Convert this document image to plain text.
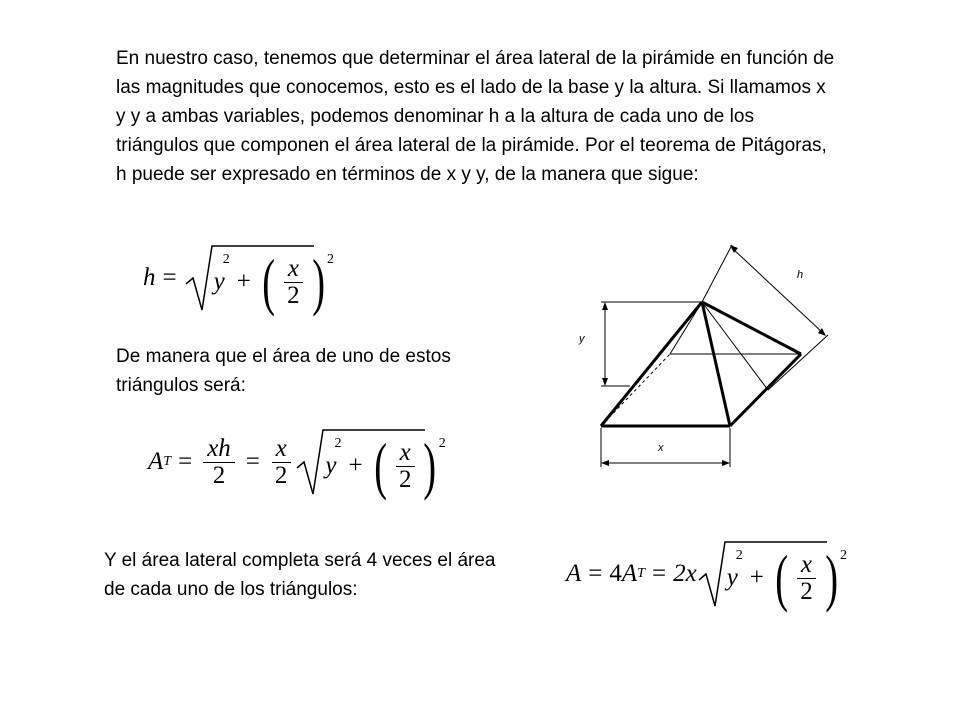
En nuestro caso, tenemos que determinar el área lateral de la pirámide en función de las magnitudes que conocemos, esto es el lado de la base y la altura. Si llamamos x y y a ambas variables, podemos denominar h a la altura de cada uno de los triángulos que componen el área lateral de la pirámide. Por el teorema de Pitágoras, h puede ser expresado en términos de x y y, de la manera que sigue:

h = y
2
+ ( $\frac{x}{2}$ ) 2

De manera que el área de uno de estos triángulos será:

A $T = \frac{xh}{2} = \frac{x}{2}$ y
2
+ ( $\frac{x}{2}$ ) 2

Y el área lateral completa será 4 veces el área de cada uno de los triángulos:

A = 4 A T = 2x y
2
+ ( $\frac{x}{2}$ ) 2
h
y
x
